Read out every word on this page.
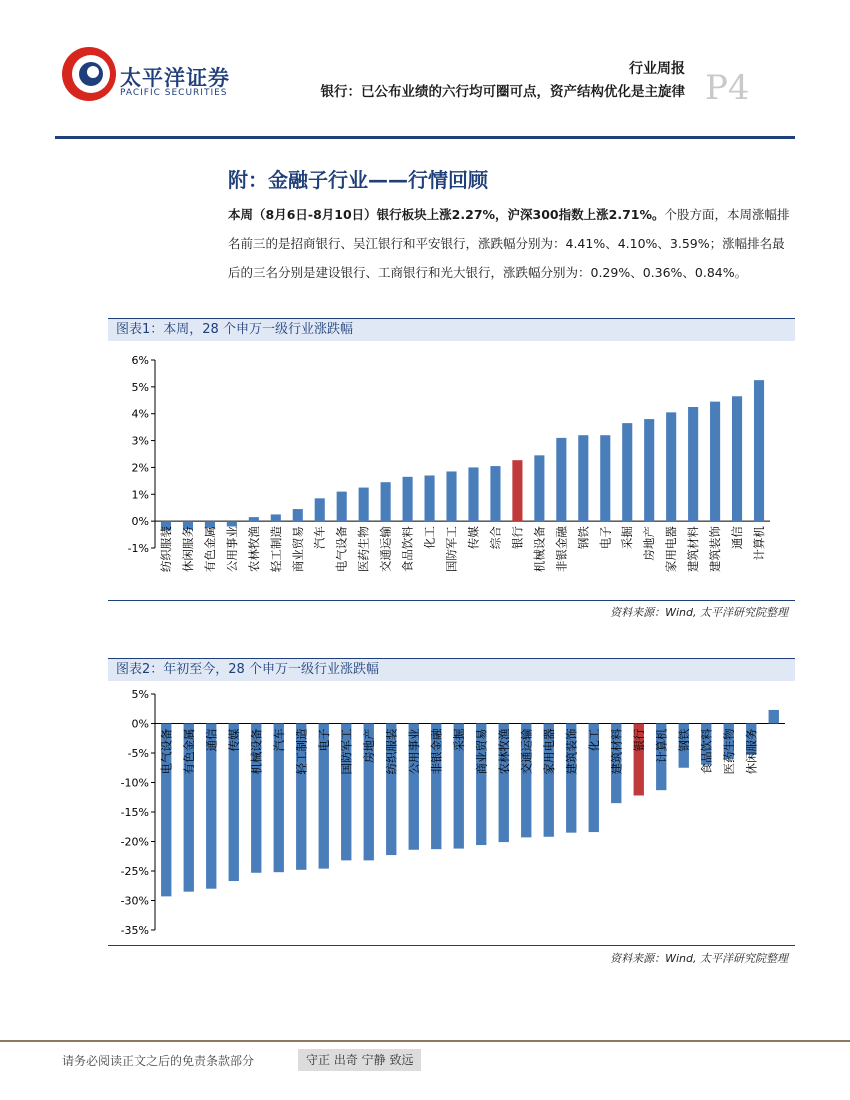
太平洋证券
PACIFIC SECURITIES
行业周报
银行：已公布业绩的六行均可圈可点，资产结构优化是主旋律 P4
附：金融子行业——行情回顾
本周（8月6日-8月10日）银行板块上涨2.27%，沪深300指数上涨2.71%。个股方面，本周涨幅排名前三的是招商银行、吴江银行和平安银行，涨跌幅分别为：4.41%、4.10%、3.59%；涨幅排名最后的三名分别是建设银行、工商银行和光大银行，涨跌幅分别为：0.29%、0.36%、0.84%。
图表1：本周，28 个申万一级行业涨跌幅
-1%
0%
1%
2%
3%
4%
5%
6%
纺织服装 休闲服务 有色金属 公用事业 农林牧渔 轻工制造 商业贸易 汽车 电气设备 医药生物 交通运输 食品饮料 化工 国防军工 传媒 综合 银行 机械设备 非银金融 钢铁 电子 采掘 房地产 家用电器 建筑材料 建筑装饰 通信 计算机
资料来源：Wind, 太平洋研究院整理
图表2：年初至今，28 个申万一级行业涨跌幅
-35%
-30%
-25%
-20%
-15%
-10%
-5%
0%
5%
电气设备 有色金属 通信 传媒 机械设备 汽车 轻工制造 电子 国防军工 房地产 纺织服装 公用事业 非银金融 采掘 商业贸易 农林牧渔 交通运输 家用电器 建筑装饰 化工 建筑材料 银行 计算机 钢铁 食品饮料 医药生物 休闲服务
资料来源：Wind, 太平洋研究院整理
请务必阅读正文之后的免责条款部分	守正 出奇 宁静 致远
